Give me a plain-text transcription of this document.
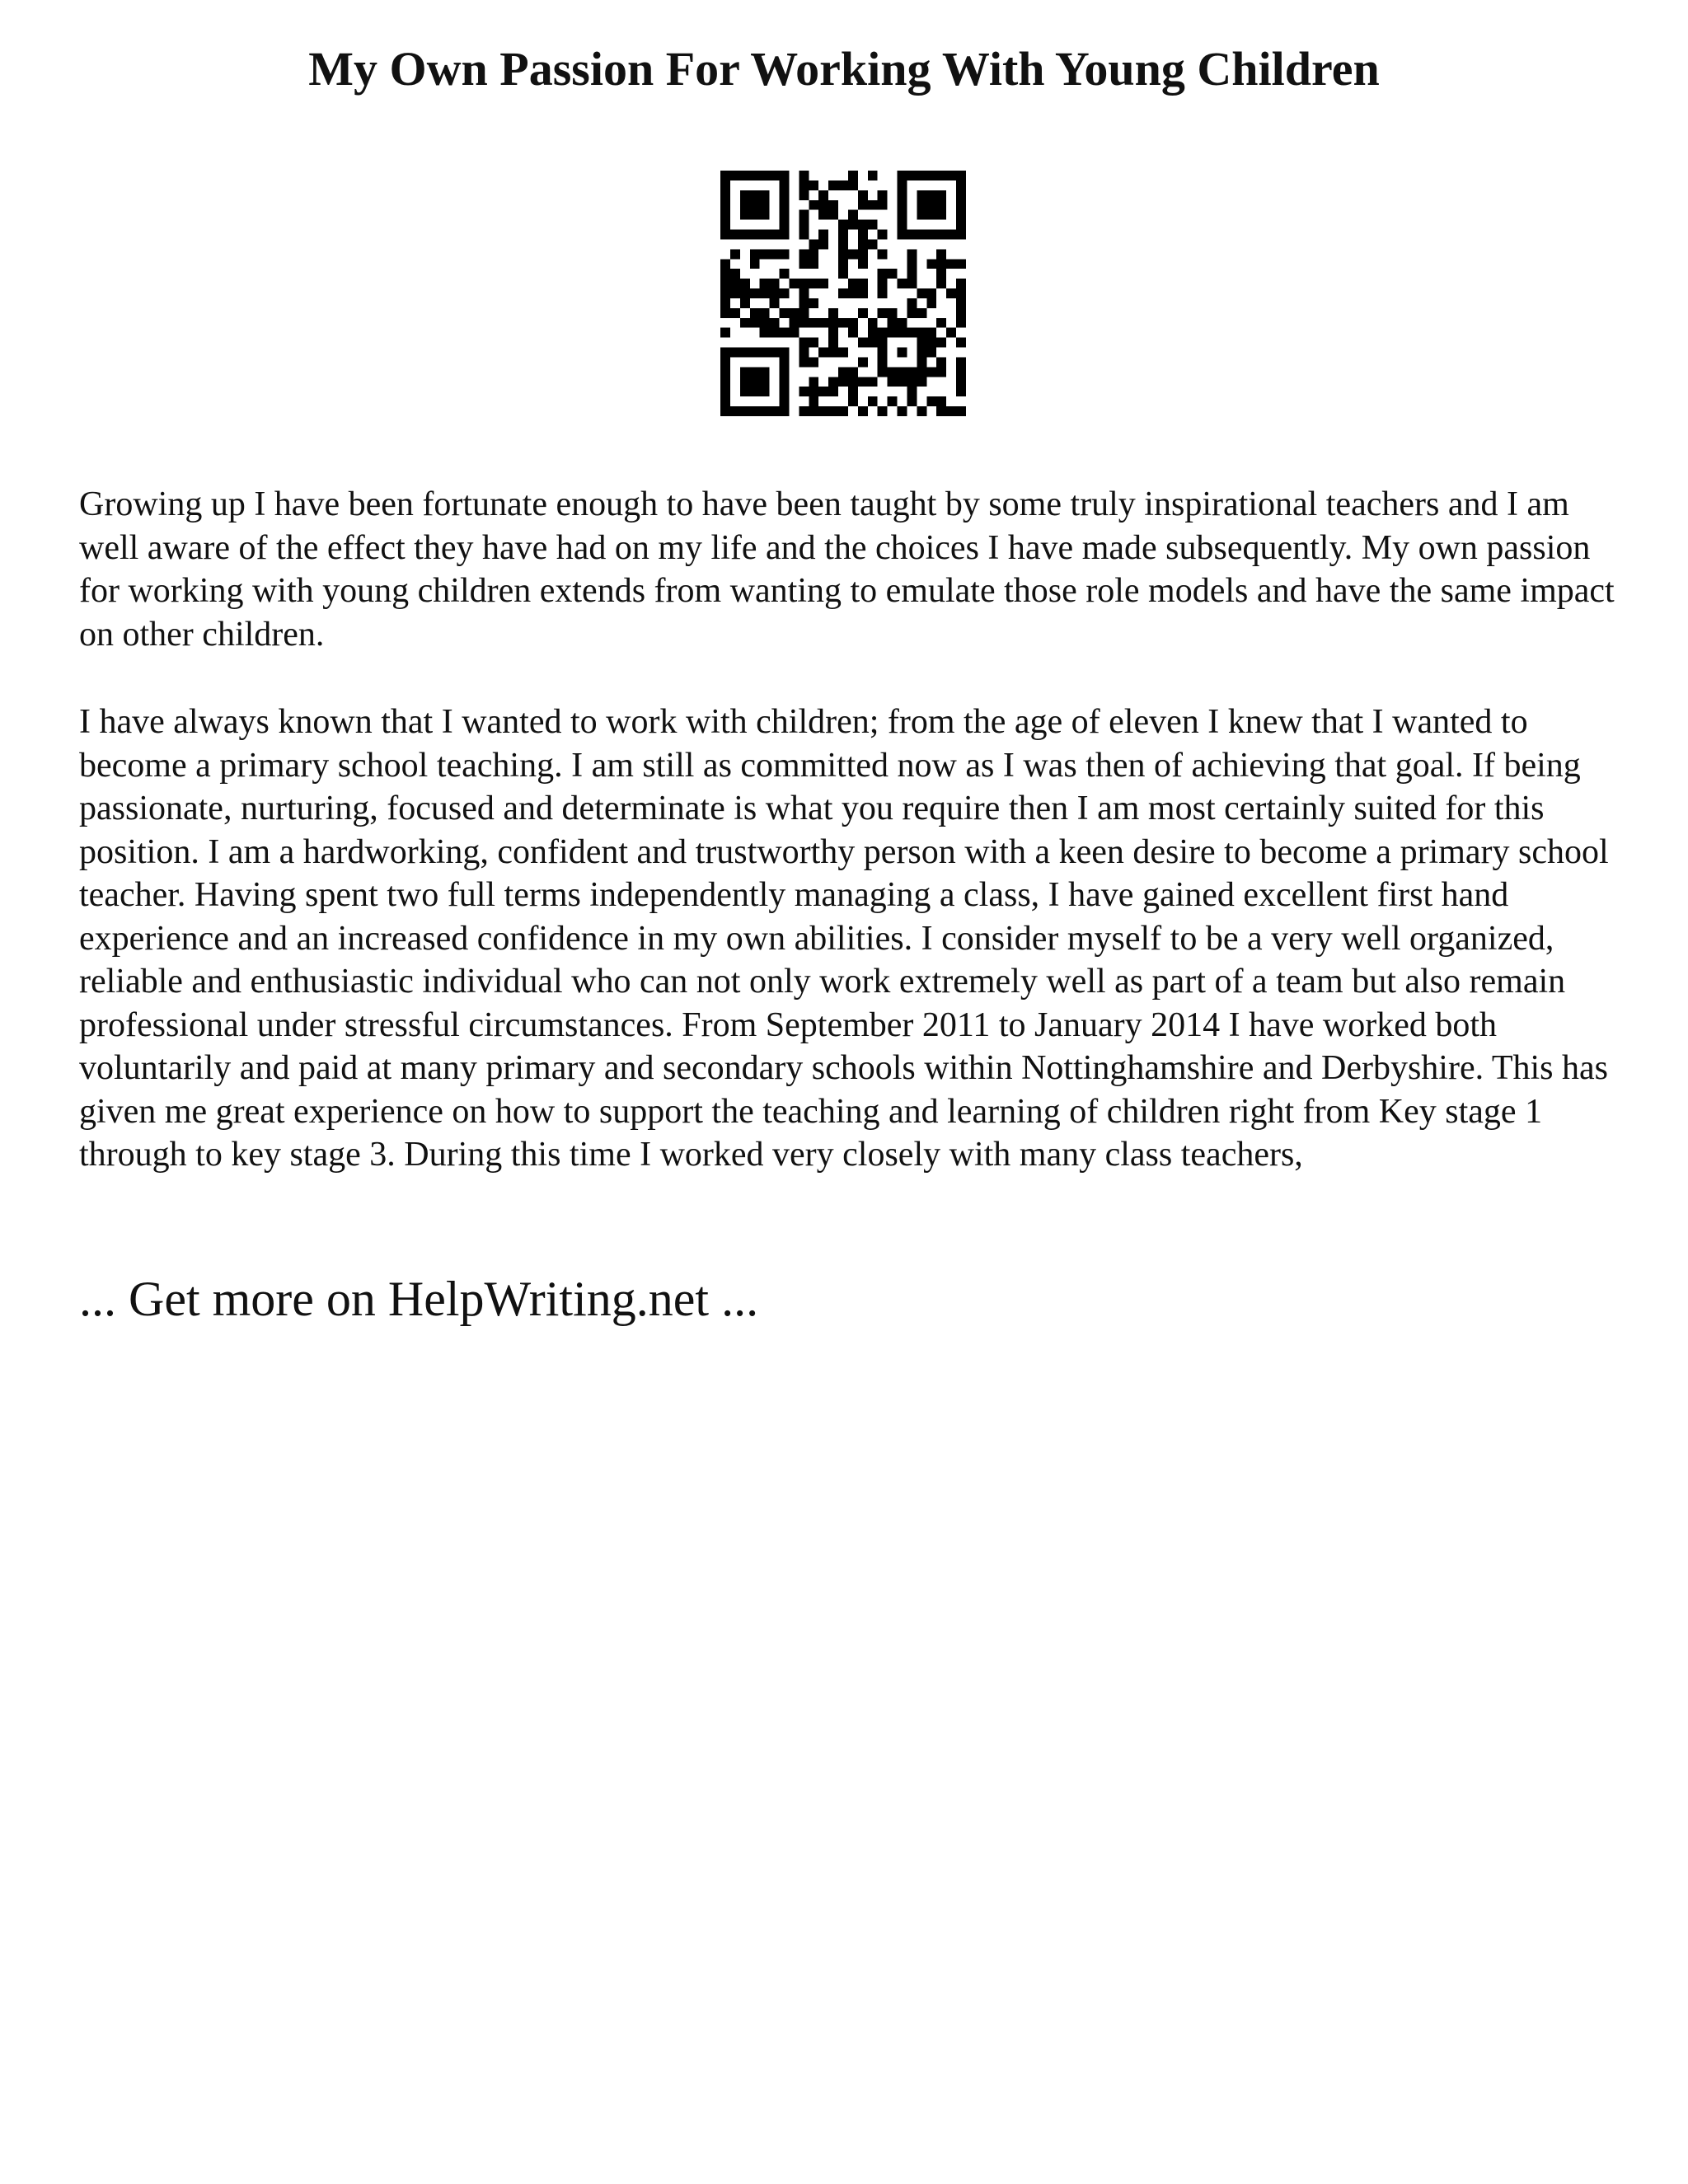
My Own Passion For Working With Young Children

Growing up I have been fortunate enough to have been taught by some truly inspirational teachers and I am well aware of the effect they have had on my life and the choices I have made subsequently. My own passion for working with young children extends from wanting to emulate those role models and have the same impact on other children.

I have always known that I wanted to work with children; from the age of eleven I knew that I wanted to become a primary school teaching. I am still as committed now as I was then of achieving that goal. If being passionate, nurturing, focused and determinate is what you require then I am most certainly suited for this position. I am a hardworking, confident and trustworthy person with a keen desire to become a primary school teacher. Having spent two full terms independently managing a class, I have gained excellent first hand experience and an increased confidence in my own abilities. I consider myself to be a very well organized, reliable and enthusiastic individual who can not only work extremely well as part of a team but also remain professional under stressful circumstances. From September 2011 to January 2014 I have worked both voluntarily and paid at many primary and secondary schools within Nottinghamshire and Derbyshire. This has given me great experience on how to support the teaching and learning of children right from Key stage 1 through to key stage 3. During this time I worked very closely with many class teachers,

... Get more on HelpWriting.net ...
